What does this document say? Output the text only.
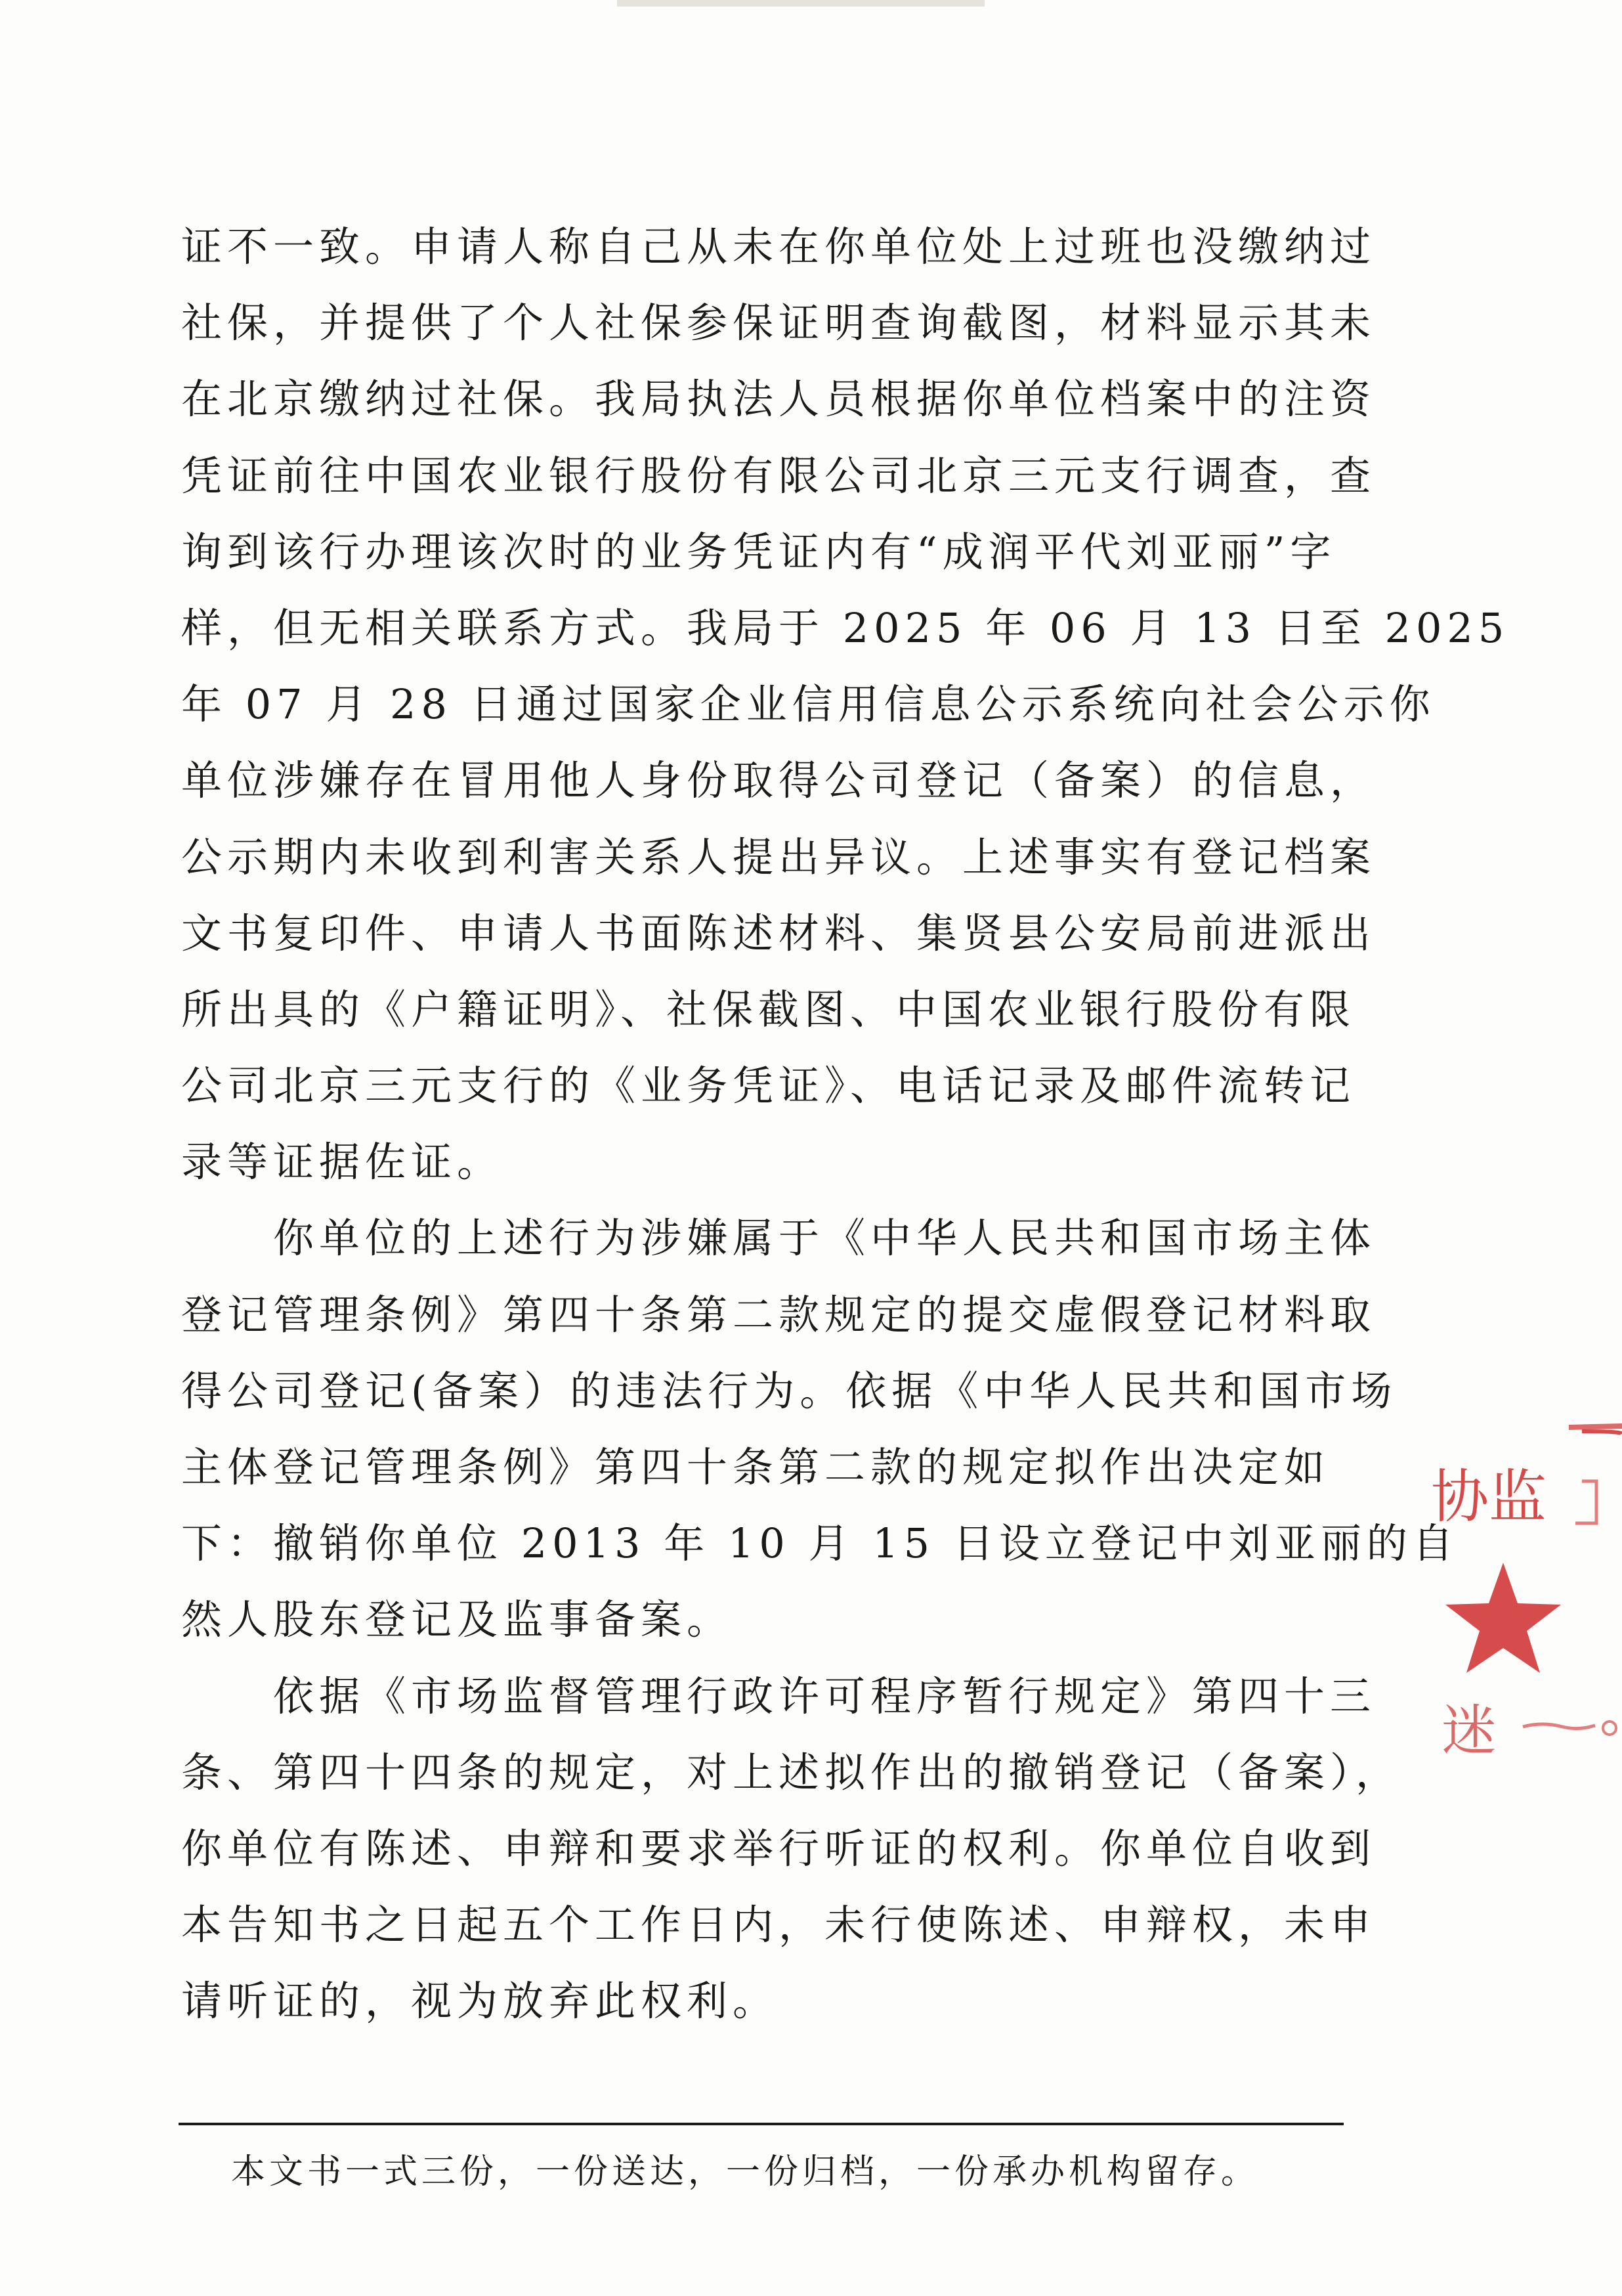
证不一致。申请人称自己从未在你单位处上过班也没缴纳过
社保，并提供了个人社保参保证明查询截图，材料显示其未
在北京缴纳过社保。我局执法人员根据你单位档案中的注资
凭证前往中国农业银行股份有限公司北京三元支行调查，查
询到该行办理该次时的业务凭证内有“成润平代刘亚丽”字
样，但无相关联系方式。我局于 2025 年 06 月 13 日至 2025
年 07 月 28 日通过国家企业信用信息公示系统向社会公示你
单位涉嫌存在冒用他人身份取得公司登记（备案）的信息，
公示期内未收到利害关系人提出异议。上述事实有登记档案
文书复印件、申请人书面陈述材料、集贤县公安局前进派出
所出具的《户籍证明》、社保截图、中国农业银行股份有限
公司北京三元支行的《业务凭证》、电话记录及邮件流转记
录等证据佐证。
你单位的上述行为涉嫌属于《中华人民共和国市场主体
登记管理条例》第四十条第二款规定的提交虚假登记材料取
得公司登记(备案）的违法行为。依据《中华人民共和国市场
主体登记管理条例》第四十条第二款的规定拟作出决定如
下：撤销你单位 2013 年 10 月 15 日设立登记中刘亚丽的自
然人股东登记及监事备案。
依据《市场监督管理行政许可程序暂行规定》第四十三
条、第四十四条的规定，对上述拟作出的撤销登记（备案），
你单位有陈述、申辩和要求举行听证的权利。你单位自收到
本告知书之日起五个工作日内，未行使陈述、申辩权，未申
请听证的，视为放弃此权利。
本文书一式三份，一份送达，一份归档，一份承办机构留存。
协监
迷
